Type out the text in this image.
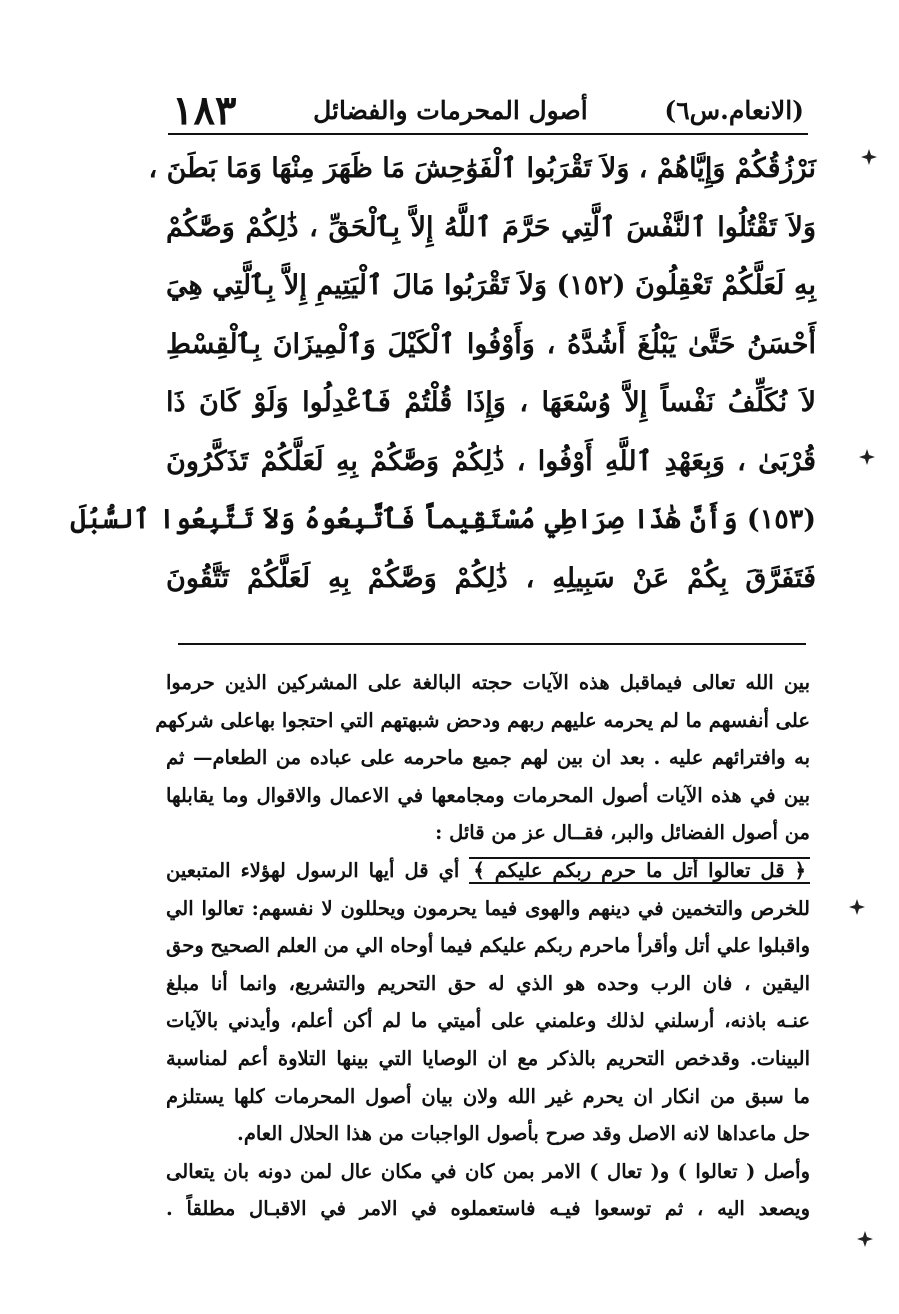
(الانعام.س٦)
أصول المحرمات والفضائل
١٨٣
نَرْزُقُكُمْ وَإِيَّاهُمْ ، وَلاَ تَقْرَبُوا ٱلْفَوَٰحِشَ مَا ظَهَرَ مِنْهَا وَمَا بَطَنَ ،
وَلاَ تَقْتُلُوا ٱلنَّفْسَ ٱلَّتِي حَرَّمَ ٱللَّهُ إِلاَّ بِٱلْحَقِّ ، ذَٰلِكُمْ وَصَّٰكُمْ
بِهِ لَعَلَّكُمْ تَعْقِلُونَ (١٥٢) وَلاَ تَقْرَبُوا مَالَ ٱلْيَتِيمِ إِلاَّ بِٱلَّتِي هِيَ
أَحْسَنُ حَتَّىٰ يَبْلُغَ أَشُدَّهُ ، وَأَوْفُوا ٱلْكَيْلَ وَٱلْمِيزَانَ بِٱلْقِسْطِ
لاَ نُكَلِّفُ نَفْساً إِلاَّ وُسْعَهَا ، وَإِذَا قُلْتُمْ فَٱعْدِلُوا وَلَوْ كَانَ ذَا
قُرْبَىٰ ، وَبِعَهْدِ ٱللَّهِ أَوْفُوا ، ذَٰلِكُمْ وَصَّٰكُمْ بِهِ لَعَلَّكُمْ تَذَكَّرُونَ
(١٥٣) وَأَنَّ هَٰذَا صِرَاطِي مُسْتَقِيماً فَٱتَّبِعُوهُ وَلاَ تَتَّبِعُوا ٱلسُّبُلَ
فَتَفَرَّقَ بِكُمْ عَنْ سَبِيلِهِ ، ذَٰلِكُمْ وَصَّٰكُمْ بِهِ لَعَلَّكُمْ تَتَّقُونَ
بين الله تعالى فيماقبل هذه الآيات حجته البالغة على المشركين الذين حرموا
على أنفسهم ما لم يحرمه عليهم ربهم ودحض شبهتهم التي احتجوا بهاعلى شركهم
به وافترائهم عليه . بعد ان بين لهم جميع ماحرمه على عباده من الطعام— ثم
بين في هذه الآيات أصول المحرمات ومجامعها في الاعمال والاقوال وما يقابلها
من أصول الفضائل والبر، فقــال عز من قائل :
﴿ قل تعالوا أتل ما حرم ربكم عليكم ﴾ أي قل أيها الرسول لهؤلاء المتبعين
للخرص والتخمين في دينهم والهوى فيما يحرمون ويحللون لا نفسهم: تعالوا الي
واقبلوا علي أتل وأقرأ ماحرم ربكم عليكم فيما أوحاه الي من العلم الصحيح وحق
اليقين ، فان الرب وحده هو الذي له حق التحريم والتشريع، وانما أنا مبلغ
عنـه باذنه، أرسلني لذلك وعلمني على أميتي ما لم أكن أعلم، وأيدني بالآيات
البينات. وقدخص التحريم بالذكر مع ان الوصايا التي بينها التلاوة أعم لمناسبة
ما سبق من انكار ان يحرم غير الله ولان بيان أصول المحرمات كلها يستلزم
حل ماعداها لانه الاصل وقد صرح بأصول الواجبات من هذا الحلال العام.
وأصل ( تعالوا ) و( تعال ) الامر بمن كان في مكان عال لمن دونه بان يتعالى
ويصعد اليه ، ثم توسعوا فيـه فاستعملوه في الامر في الاقبـال مطلقاً .
